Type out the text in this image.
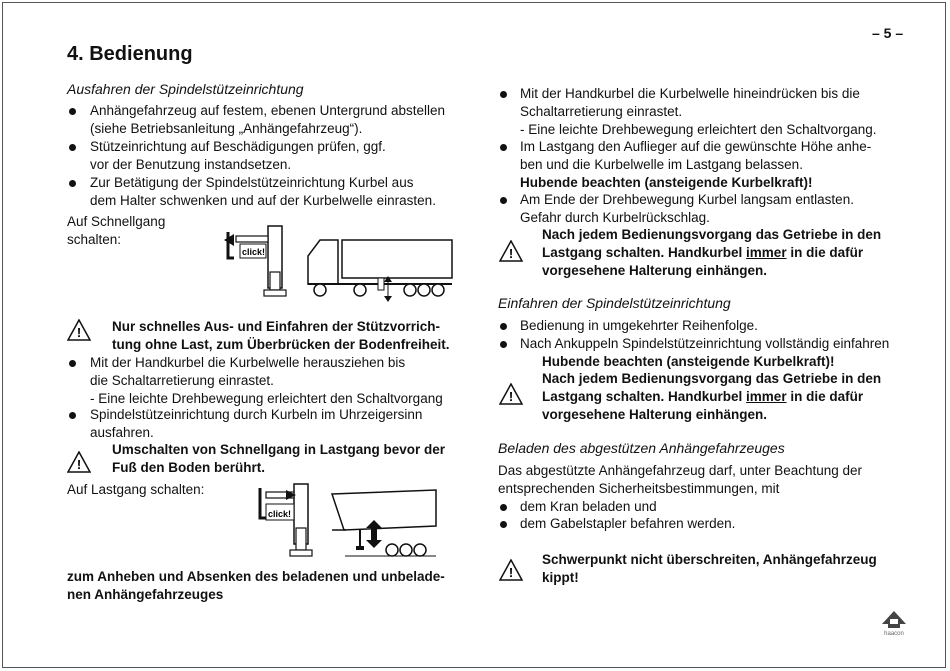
– 5 –
4. Bedienung
Ausfahren der Spindelstützeinrichtung
Anhängefahrzeug auf festem, ebenen Untergrund abstellen
(siehe Betriebsanleitung „Anhängefahrzeug“).
Stützeinrichtung auf Beschädigungen prüfen, ggf.
vor der Benutzung instandsetzen.
Zur Betätigung der Spindelstützeinrichtung Kurbel aus
dem Halter schwenken und auf der Kurbelwelle einrasten.
Auf Schnellgang
schalten:
click!
! Nur schnelles Aus- und Einfahren der Stützvorrich-
tung ohne Last, zum Überbrücken der Bodenfreiheit.
Mit der Handkurbel die Kurbelwelle herausziehen bis
die Schaltarretierung einrastet.
- Eine leichte Drehbewegung erleichtert den Schaltvorgang
Spindelstützeinrichtung durch Kurbeln im Uhrzeigersinn
ausfahren.
!
Umschalten von Schnellgang in Lastgang bevor der
Fuß den Boden berührt.
Auf Lastgang schalten:
click!
zum Anheben und Absenken des beladenen und unbelade-
nen Anhängefahrzeuges
Mit der Handkurbel die Kurbelwelle hineindrücken bis die
Schaltarretierung einrastet.
- Eine leichte Drehbewegung erleichtert den Schaltvorgang.
Im Lastgang den Auflieger auf die gewünschte Höhe anhe-
ben und die Kurbelwelle im Lastgang belassen.
Hubende beachten (ansteigende Kurbelkraft)!
Am Ende der Drehbewegung Kurbel langsam entlasten.
Gefahr durch Kurbelrückschlag.
!
Nach jedem Bedienungsvorgang das Getriebe in den
Lastgang schalten. Handkurbel immer in die dafür
vorgesehene Halterung einhängen.
Einfahren der Spindelstützeinrichtung
Bedienung in umgekehrter Reihenfolge.
Nach Ankuppeln Spindelstützeinrichtung vollständig einfahren
Hubende beachten (ansteigende Kurbelkraft)!
!
Nach jedem Bedienungsvorgang das Getriebe in den
Lastgang schalten. Handkurbel immer in die dafür
vorgesehene Halterung einhängen.
Beladen des abgestützen Anhängefahrzeuges
Das abgestützte Anhängefahrzeug darf, unter Beachtung der
entsprechenden Sicherheitsbestimmungen, mit
dem Kran beladen und
dem Gabelstapler befahren werden.
!
Schwerpunkt nicht überschreiten, Anhängefahrzeug
kippt!
haacon
